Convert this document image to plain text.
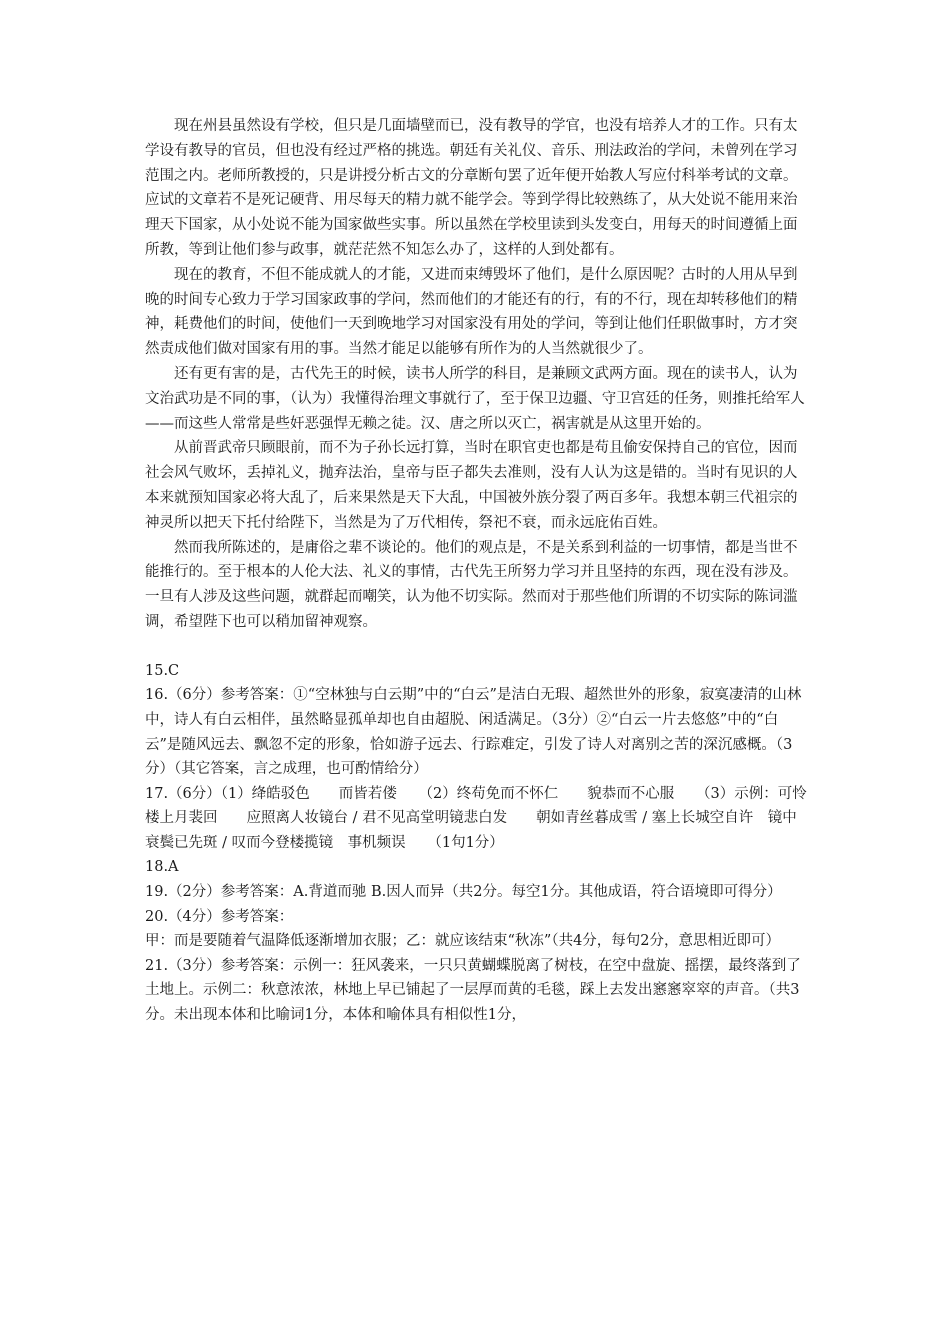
现在州县虽然设有学校，但只是几面墙壁而已，没有教导的学官，也没有培养人才的工作。只有太学设有教导的官员，但也没有经过严格的挑选。朝廷有关礼仪、音乐、刑法政治的学问，未曾列在学习范围之内。老师所教授的，只是讲授分析古文的分章断句罢了近年便开始教人写应付科举考试的文章。应试的文章若不是死记硬背、用尽每天的精力就不能学会。等到学得比较熟练了，从大处说不能用来治理天下国家，从小处说不能为国家做些实事。所以虽然在学校里读到头发变白，用每天的时间遵循上面所教，等到让他们参与政事，就茫茫然不知怎么办了，这样的人到处都有。

现在的教育，不但不能成就人的才能，又进而束缚毁坏了他们，是什么原因呢？古时的人用从早到晚的时间专心致力于学习国家政事的学问，然而他们的才能还有的行，有的不行，现在却转移他们的精神，耗费他们的时间，使他们一天到晚地学习对国家没有用处的学问，等到让他们任职做事时，方才突然责成他们做对国家有用的事。当然才能足以能够有所作为的人当然就很少了。

还有更有害的是，古代先王的时候，读书人所学的科目，是兼顾文武两方面。现在的读书人，认为文治武功是不同的事，（认为）我懂得治理文事就行了，至于保卫边疆、守卫宫廷的任务，则推托给军人——而这些人常常是些奸恶强悍无赖之徒。汉、唐之所以灭亡，祸害就是从这里开始的。

从前晋武帝只顾眼前，而不为子孙长远打算，当时在职官吏也都是苟且偷安保持自己的官位，因而社会风气败坏，丢掉礼义，抛弃法治，皇帝与臣子都失去准则，没有人认为这是错的。当时有见识的人本来就预知国家必将大乱了，后来果然是天下大乱，中国被外族分裂了两百多年。我想本朝三代祖宗的神灵所以把天下托付给陛下，当然是为了万代相传，祭祀不衰，而永远庇佑百姓。

然而我所陈述的，是庸俗之辈不谈论的。他们的观点是，不是关系到利益的一切事情，都是当世不能推行的。至于根本的人伦大法、礼义的事情，古代先王所努力学习并且坚持的东西，现在没有涉及。一旦有人涉及这些问题，就群起而嘲笑，认为他不切实际。然而对于那些他们所谓的不切实际的陈词滥调，希望陛下也可以稍加留神观察。

15.C

16.（6分）参考答案：①“空林独与白云期”中的“白云”是洁白无瑕、超然世外的形象，寂寞凄清的山林中，诗人有白云相伴，虽然略显孤单却也自由超脱、闲适满足。（3分）②“白云一片去悠悠”中的“白云”是随风远去、飘忽不定的形象，恰如游子远去、行踪难定，引发了诗人对离别之苦的深沉感概。（3分）（其它答案，言之成理，也可酌情给分）

17.（6分）（1）绛皓驳色　　而皆若偻　　（2）终苟免而不怀仁　　貌恭而不心服　　（3）示例：可怜楼上月裴回　　应照离人妆镜台 / 君不见高堂明镜悲白发　　朝如青丝暮成雪 / 塞上长城空自许　镜中衰鬓已先斑 / 叹而今登楼揽镜　事机频误　　（1句1分）

18.A

19.（2分）参考答案：A.背道而驰 B.因人而异（共2分。每空1分。其他成语，符合语境即可得分）

20.（4分）参考答案：

甲：而是要随着气温降低逐渐增加衣服；乙：就应该结束“秋冻”（共4分，每句2分，意思相近即可）

21.（3分）参考答案：示例一：狂风袭来，一只只黄蝴蝶脱离了树枝，在空中盘旋、摇摆，最终落到了土地上。示例二：秋意浓浓，林地上早已铺起了一层厚而黄的毛毯，踩上去发出窸窸窣窣的声音。（共3分。未出现本体和比喻词1分，本体和喻体具有相似性1分，
